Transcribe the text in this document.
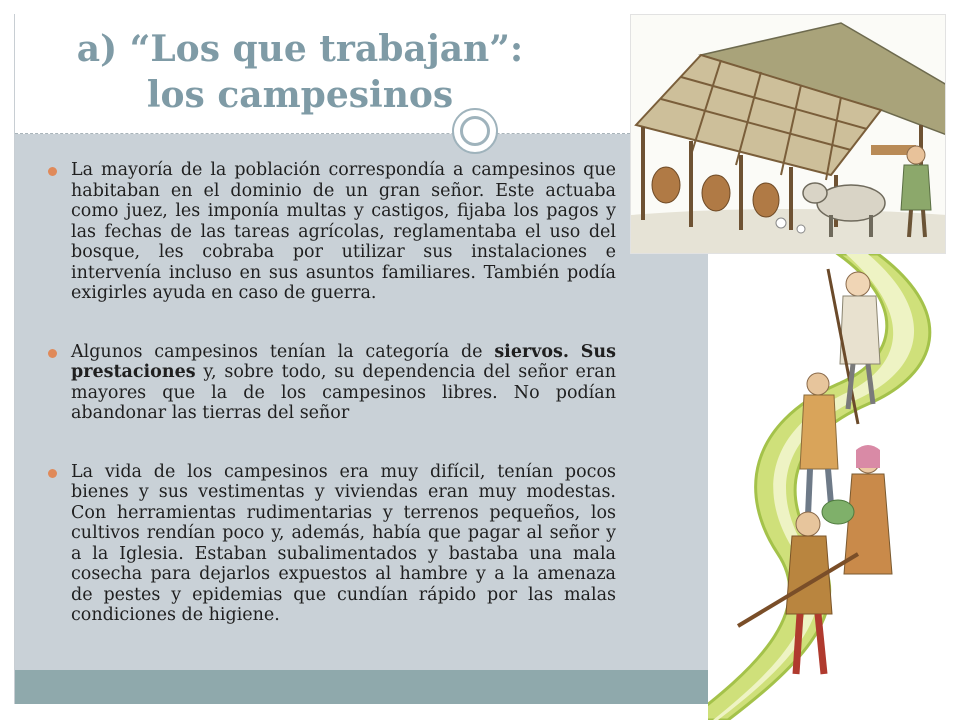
a) “Los que trabajan”:
los campesinos

La mayoría de la población correspondía a campesinos que habitaban en el dominio de un gran señor. Este actuaba como juez, les imponía multas y castigos, fijaba los pagos y las fechas de las tareas agrícolas, reglamentaba el uso del bosque, les cobraba por utilizar sus instalaciones e intervenía incluso en sus asuntos familiares. También podía exigirles ayuda en caso de guerra.

Algunos campesinos tenían la categoría de siervos. Sus prestaciones y, sobre todo, su dependencia del señor eran mayores que la de los campesinos libres. No podían abandonar las tierras del señor

La vida de los campesinos era muy difícil, tenían pocos bienes y sus vestimentas y viviendas eran muy modestas. Con herramientas rudimentarias y terrenos pequeños, los cultivos rendían poco y, además, había que pagar al señor y a la Iglesia. Estaban subalimentados y bastaba una mala cosecha para dejarlos expuestos al hambre y a la amenaza de pestes y epidemias que cundían rápido por las malas condiciones de higiene.
